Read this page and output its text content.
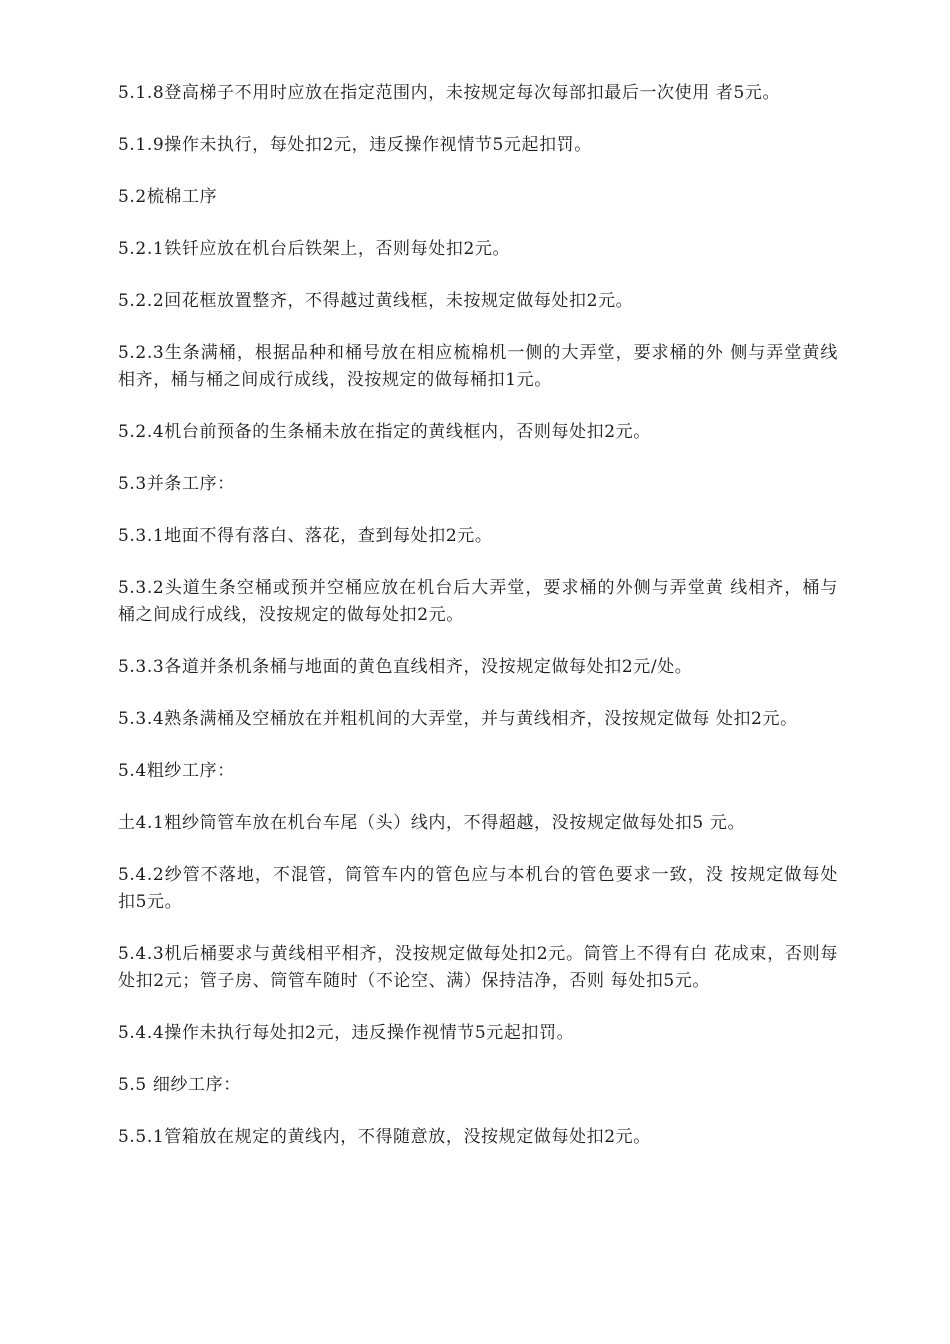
5.1.8登高梯子不用时应放在指定范围内，未按规定每次每部扣最后一次使用 者5元。

5.1.9操作未执行，每处扣2元，违反操作视情节5元起扣罚。

5.2梳棉工序

5.2.1铁钎应放在机台后铁架上，否则每处扣2元。

5.2.2回花框放置整齐，不得越过黄线框，未按规定做每处扣2元。

5.2.3生条满桶，根据品种和桶号放在相应梳棉机一侧的大弄堂，要求桶的外 侧与弄堂黄线相齐，桶与桶之间成行成线，没按规定的做每桶扣1元。

5.2.4机台前预备的生条桶未放在指定的黄线框内，否则每处扣2元。

5.3并条工序：

5.3.1地面不得有落白、落花，查到每处扣2元。

5.3.2头道生条空桶或预并空桶应放在机台后大弄堂，要求桶的外侧与弄堂黄 线相齐，桶与桶之间成行成线，没按规定的做每处扣2元。

5.3.3各道并条机条桶与地面的黄色直线相齐，没按规定做每处扣2元/处。

5.3.4熟条满桶及空桶放在并粗机间的大弄堂，并与黄线相齐，没按规定做每 处扣2元。

5.4粗纱工序：

土4.1粗纱筒管车放在机台车尾（头）线内，不得超越，没按规定做每处扣5 元。

5.4.2纱管不落地，不混管，筒管车内的管色应与本机台的管色要求一致，没 按规定做每处扣5元。

5.4.3机后桶要求与黄线相平相齐，没按规定做每处扣2元。筒管上不得有白 花成束，否则每处扣2元；管子房、筒管车随时（不论空、满）保持洁净，否则 每处扣5元。

5.4.4操作未执行每处扣2元，违反操作视情节5元起扣罚。

5.5 细纱工序：

5.5.1管箱放在规定的黄线内，不得随意放，没按规定做每处扣2元。
